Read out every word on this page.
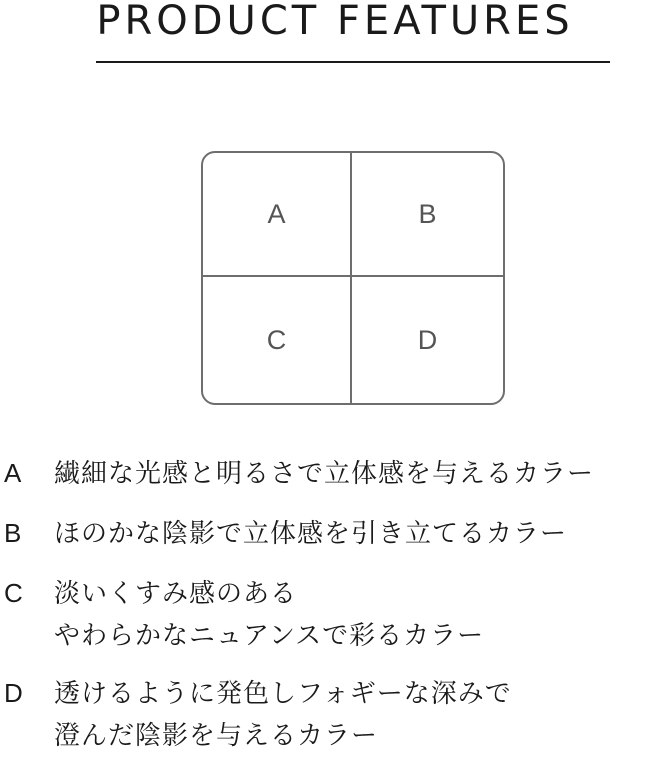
PRODUCT FEATURES
A	B
C	D
A 繊細な光感と明るさで立体感を与えるカラー
B ほのかな陰影で立体感を引き立てるカラー
C 淡いくすみ感のある
やわらかなニュアンスで彩るカラー
D 透けるように発色しフォギーな深みで
澄んだ陰影を与えるカラー
